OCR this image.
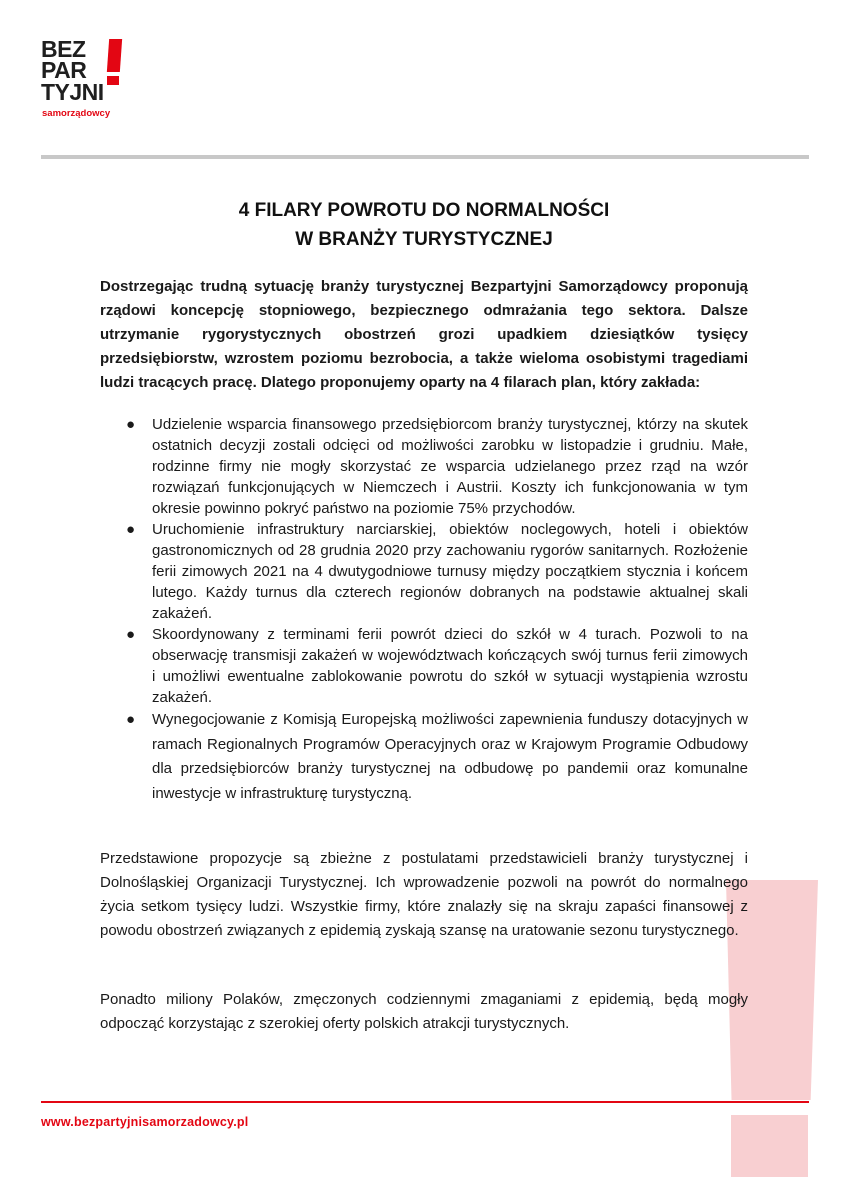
BEZ
PAR
TYJNI
samorządowcy
4 FILARY POWROTU DO NORMALNOŚCI
W BRANŻY TURYSTYCZNEJ

Dostrzegając trudną sytuację branży turystycznej Bezpartyjni Samorządowcy proponują rządowi koncepcję stopniowego, bezpiecznego odmrażania tego sektora. Dalsze utrzymanie rygorystycznych obostrzeń grozi upadkiem dziesiątków tysięcy przedsiębiorstw, wzrostem poziomu bezrobocia, a także wieloma osobistymi tragediami ludzi tracących pracę. Dlatego proponujemy oparty na 4 filarach plan, który zakłada:

● Udzielenie wsparcia finansowego przedsiębiorcom branży turystycznej, którzy na skutek ostatnich decyzji zostali odcięci od możliwości zarobku w listopadzie i grudniu. Małe, rodzinne firmy nie mogły skorzystać ze wsparcia udzielanego przez rząd na wzór rozwiązań funkcjonujących w Niemczech i Austrii. Koszty ich funkcjonowania w tym okresie powinno pokryć państwo na poziomie 75% przychodów.
● Uruchomienie infrastruktury narciarskiej, obiektów noclegowych, hoteli i obiektów gastronomicznych od 28 grudnia 2020 przy zachowaniu rygorów sanitarnych. Rozłożenie ferii zimowych 2021 na 4 dwutygodniowe turnusy między początkiem stycznia i końcem lutego. Każdy turnus dla czterech regionów dobranych na podstawie aktualnej skali zakażeń.
● Skoordynowany z terminami ferii powrót dzieci do szkół w 4 turach. Pozwoli to na obserwację transmisji zakażeń w województwach kończących swój turnus ferii zimowych i umożliwi ewentualne zablokowanie powrotu do szkół w sytuacji wystąpienia wzrostu zakażeń.
● Wynegocjowanie z Komisją Europejską możliwości zapewnienia funduszy dotacyjnych w ramach Regionalnych Programów Operacyjnych oraz w Krajowym Programie Odbudowy dla przedsiębiorców branży turystycznej na odbudowę po pandemii oraz komunalne inwestycje w infrastrukturę turystyczną.

Przedstawione propozycje są zbieżne z postulatami przedstawicieli branży turystycznej i Dolnośląskiej Organizacji Turystycznej. Ich wprowadzenie pozwoli na powrót do normalnego życia setkom tysięcy ludzi. Wszystkie firmy, które znalazły się na skraju zapaści finansowej z powodu obostrzeń związanych z epidemią zyskają szansę na uratowanie sezonu turystycznego.

Ponadto miliony Polaków, zmęczonych codziennymi zmaganiami z epidemią, będą mogły odpocząć korzystając z szerokiej oferty polskich atrakcji turystycznych.

www.bezpartyjnisamorzadowcy.pl
